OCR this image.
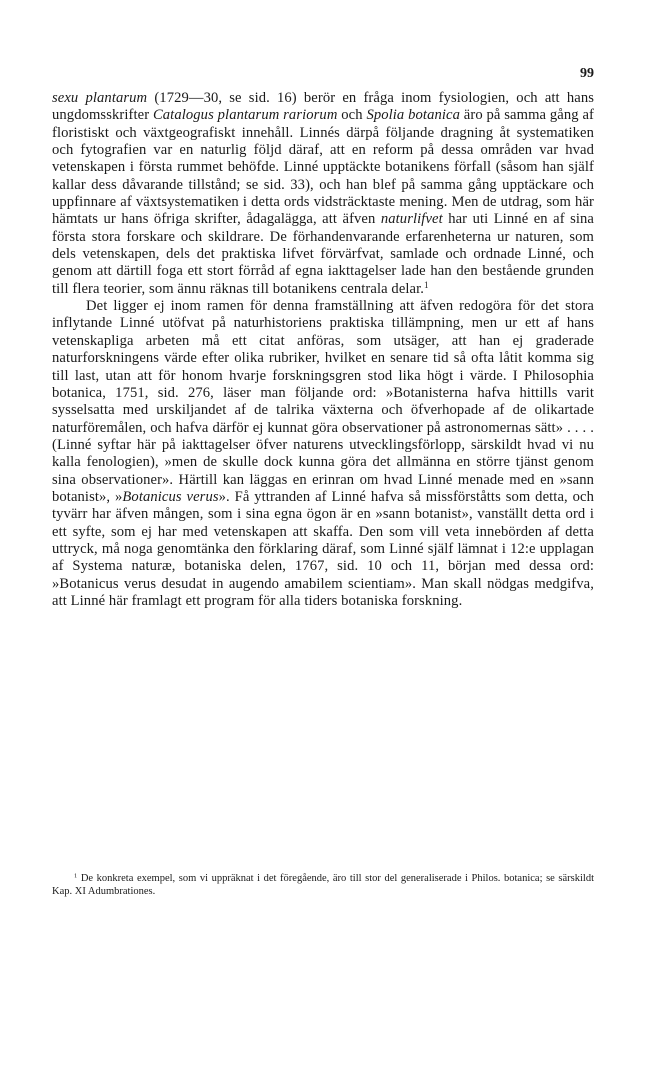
99

sexu plantarum (1729—30, se sid. 16) berör en fråga inom fysiologien, och att hans ungdomsskrifter Catalogus plantarum rariorum och Spolia botanica äro på samma gång af floristiskt och växtgeografiskt innehåll. Linnés därpå följande dragning åt systematiken och fytografien var en naturlig följd däraf, att en reform på dessa områden var hvad vetenskapen i första rummet behöfde. Linné upptäckte botanikens förfall (såsom han själf kallar dess dåvarande tillstånd; se sid. 33), och han blef på samma gång upptäckare och uppfinnare af växtsystematiken i detta ords vidsträcktaste mening. Men de utdrag, som här hämtats ur hans öfriga skrifter, ådagalägga, att äfven naturlifvet har uti Linné en af sina första stora forskare och skildrare. De förhandenvarande erfarenheterna ur naturen, som dels vetenskapen, dels det praktiska lifvet förvärfvat, samlade och ordnade Linné, och genom att därtill foga ett stort förråd af egna iakttagelser lade han den bestående grunden till flera teorier, som ännu räknas till botanikens centrala delar.$^1$

Det ligger ej inom ramen för denna framställning att äfven redogöra för det stora inflytande Linné utöfvat på naturhistoriens praktiska tillämpning, men ur ett af hans vetenskapliga arbeten må ett citat anföras, som utsäger, att han ej graderade naturforskningens värde efter olika rubriker, hvilket en senare tid så ofta låtit komma sig till last, utan att för honom hvarje forskningsgren stod lika högt i värde. I Philosophia botanica, 1751, sid. 276, läser man följande ord: »Botanisterna hafva hittills varit sysselsatta med urskiljandet af de talrika växterna och öfverhopade af de olikartade naturföremålen, och hafva därför ej kunnat göra observationer på astronomernas sätt» . . . . (Linné syftar här på iakttagelser öfver naturens utvecklingsförlopp, särskildt hvad vi nu kalla fenologien), »men de skulle dock kunna göra det allmänna en större tjänst genom sina observationer». Härtill kan läggas en erinran om hvad Linné menade med en »sann botanist», »Botanicus verus». Få yttranden af Linné hafva så missförståtts som detta, och tyvärr har äfven mången, som i sina egna ögon är en »sann botanist», vanställt detta ord i ett syfte, som ej har med vetenskapen att skaffa. Den som vill veta innebörden af detta uttryck, må noga genomtänka den förklaring däraf, som Linné själf lämnat i 12:e upplagan af Systema naturæ, botaniska delen, 1767, sid. 10 och 11, början med dessa ord: »Botanicus verus desudat in augendo amabilem scientiam». Man skall nödgas medgifva, att Linné här framlagt ett program för alla tiders botaniska forskning.

$^1$ De konkreta exempel, som vi uppräknat i det föregående, äro till stor del generaliserade i Philos. botanica; se särskildt Kap. XI Adumbrationes.
